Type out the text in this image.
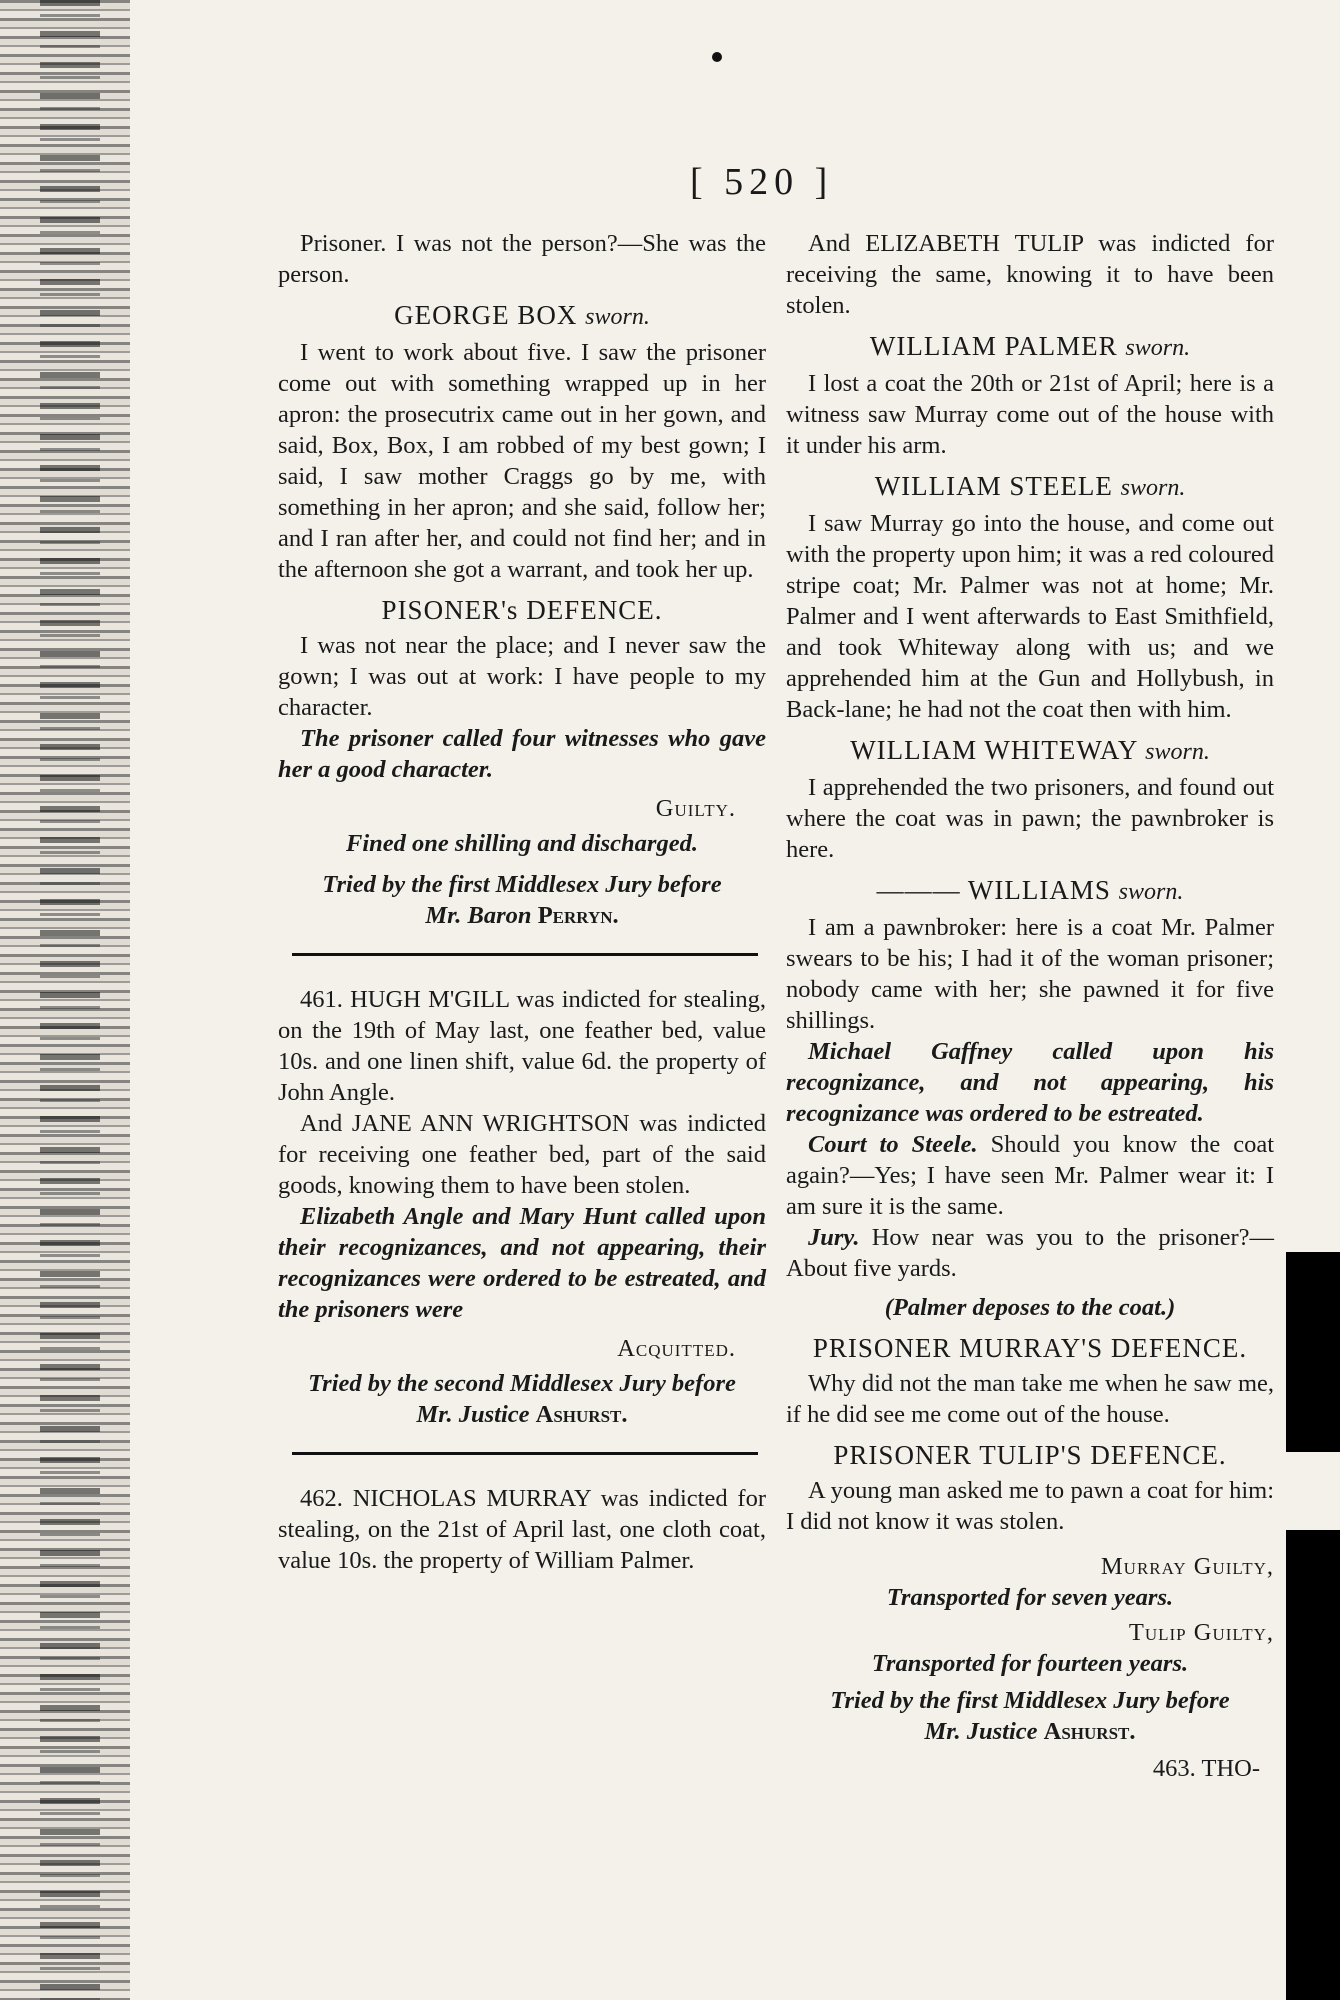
[ 520 ]

Prisoner. I was not the person?—She was the person.

GEORGE BOX sworn.

I went to work about five. I saw the prisoner come out with something wrapped up in her apron: the prosecutrix came out in her gown, and said, Box, Box, I am robbed of my best gown; I said, I saw mother Craggs go by me, with something in her apron; and she said, follow her; and I ran after her, and could not find her; and in the afternoon she got a warrant, and took her up.

PISONER's DEFENCE.

I was not near the place; and I never saw the gown; I was out at work: I have people to my character.

The prisoner called four witnesses who gave her a good character.

Guilty.

Fined one shilling and discharged.

Tried by the first Middlesex Jury before
Mr. Baron Perryn.

461. HUGH M'GILL was indicted for stealing, on the 19th of May last, one feather bed, value 10s. and one linen shift, value 6d. the property of John Angle.

And JANE ANN WRIGHTSON was indicted for receiving one feather bed, part of the said goods, knowing them to have been stolen.

Elizabeth Angle and Mary Hunt called upon their recognizances, and not appearing, their recognizances were ordered to be estreated, and the prisoners were

Acquitted.

Tried by the second Middlesex Jury before
Mr. Justice Ashurst.

462. NICHOLAS MURRAY was indicted for stealing, on the 21st of April last, one cloth coat, value 10s. the property of William Palmer.

And ELIZABETH TULIP was indicted for receiving the same, knowing it to have been stolen.

WILLIAM PALMER sworn.

I lost a coat the 20th or 21st of April; here is a witness saw Murray come out of the house with it under his arm.

WILLIAM STEELE sworn.

I saw Murray go into the house, and come out with the property upon him; it was a red coloured stripe coat; Mr. Palmer was not at home; Mr. Palmer and I went afterwards to East Smithfield, and took Whiteway along with us; and we apprehended him at the Gun and Hollybush, in Back-lane; he had not the coat then with him.

WILLIAM WHITEWAY sworn.

I apprehended the two prisoners, and found out where the coat was in pawn; the pawnbroker is here.

——— WILLIAMS sworn.

I am a pawnbroker: here is a coat Mr. Palmer swears to be his; I had it of the woman prisoner; nobody came with her; she pawned it for five shillings.

Michael Gaffney called upon his recognizance, and not appearing, his recognizance was ordered to be estreated.

Court to Steele. Should you know the coat again?—Yes; I have seen Mr. Palmer wear it: I am sure it is the same.

Jury. How near was you to the prisoner?—About five yards.

(Palmer deposes to the coat.)

PRISONER MURRAY'S DEFENCE.

Why did not the man take me when he saw me, if he did see me come out of the house.

PRISONER TULIP'S DEFENCE.

A young man asked me to pawn a coat for him: I did not know it was stolen.

Murray Guilty,

Transported for seven years.

Tulip Guilty,

Transported for fourteen years.

Tried by the first Middlesex Jury before
Mr. Justice Ashurst.

463. THO-
